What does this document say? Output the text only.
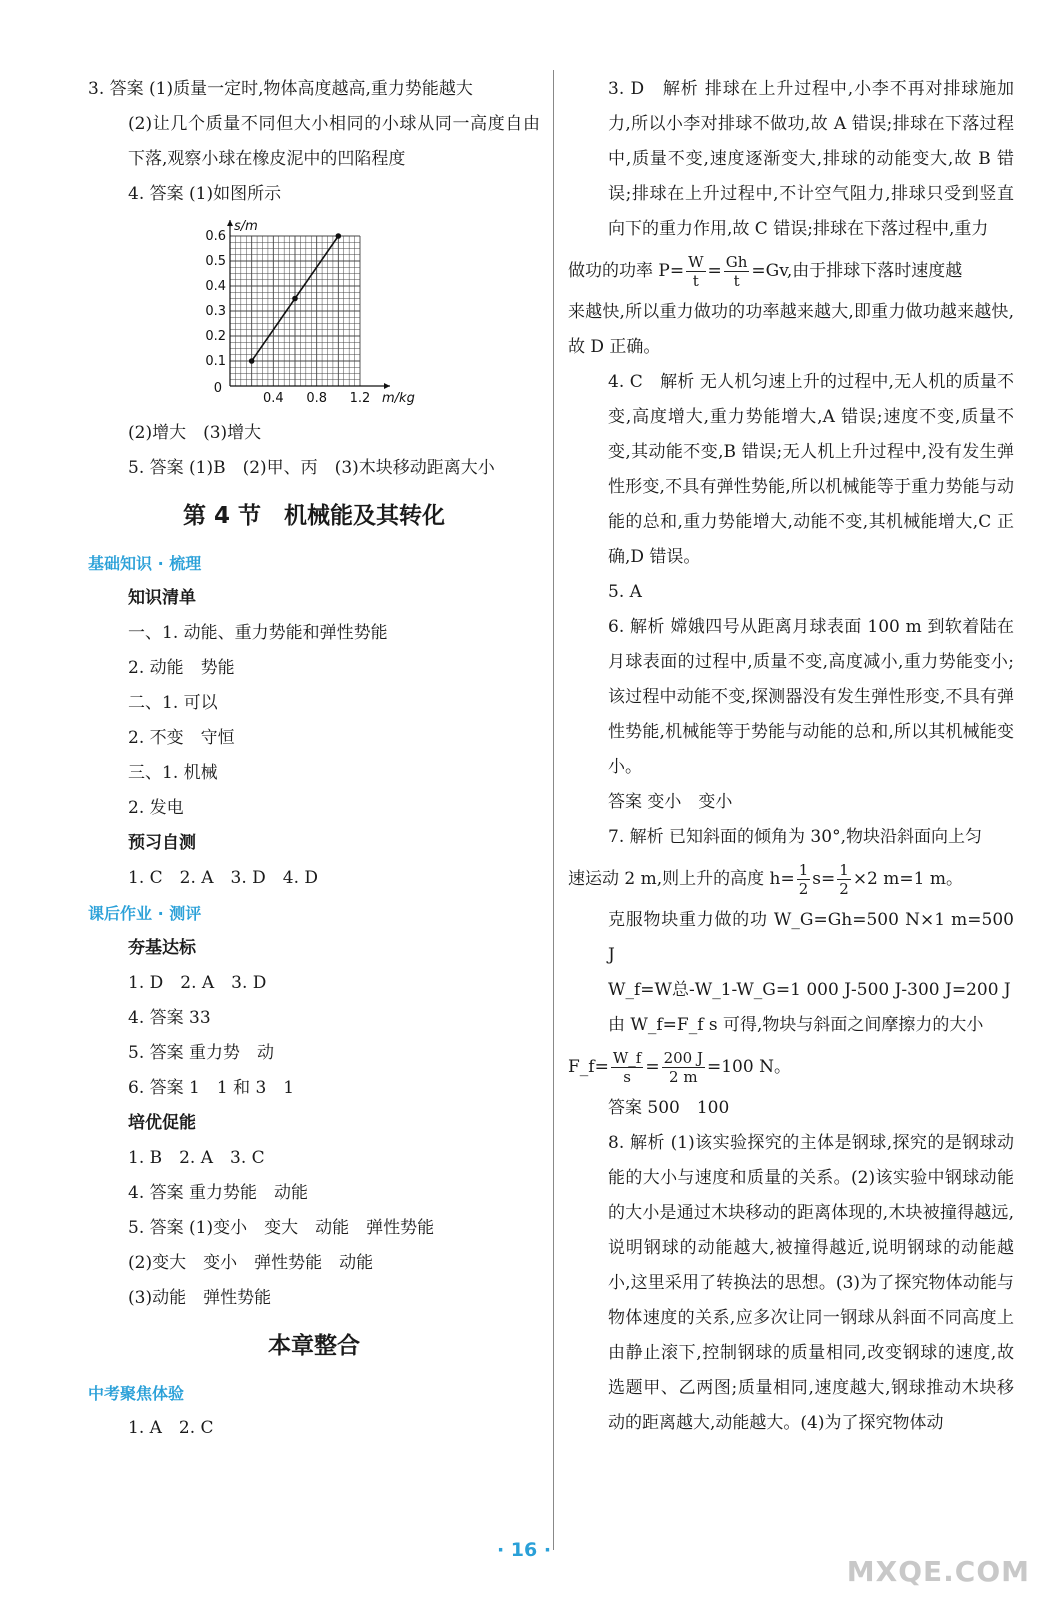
3. 答案 (1)质量一定时,物体高度越高,重力势能越大

(2)让几个质量不同但大小相同的小球从同一高度自由下落,观察小球在橡皮泥中的凹陷程度

4. 答案 (1)如图所示

0.1
0.2
0.3
0.4
0.5
0.6
0.4 0.8 1.2
0
s/m
m/kg

(2)增大　(3)增大

5. 答案 (1)B　(2)甲、丙　(3)木块移动距离大小

第 4 节　机械能及其转化

基础知识 · 梳理

知识清单

一、1. 动能、重力势能和弹性势能

2. 动能　势能

二、1. 可以

2. 不变　守恒

三、1. 机械

2. 发电

预习自测

1. C　2. A　3. D　4. D

课后作业 · 测评

夯基达标

1. D　2. A　3. D

4. 答案 33

5. 答案 重力势　动

6. 答案 1　1 和 3　1

培优促能

1. B　2. A　3. C

4. 答案 重力势能　动能

5. 答案 (1)变小　变大　动能　弹性势能

(2)变大　变小　弹性势能　动能

(3)动能　弹性势能

本章整合

中考聚焦体验

1. A　2. C

3. D　解析 排球在上升过程中,小李不再对排球施加力,所以小李对排球不做功,故 A 错误;排球在下落过程中,质量不变,速度逐渐变大,排球的动能变大,故 B 错误;排球在上升过程中,不计空气阻力,排球只受到竖直向下的重力作用,故 C 错误;排球在下落过程中,重力

做功的功率 $P= \frac{W}{t} = \frac{Gh}{t} =Gv$,由于排球下落时速度越

来越快,所以重力做功的功率越来越大,即重力做功越来越快,故 D 正确。

4. C　解析 无人机匀速上升的过程中,无人机的质量不变,高度增大,重力势能增大,A 错误;速度不变,质量不变,其动能不变,B 错误;无人机上升过程中,没有发生弹性形变,不具有弹性势能,所以机械能等于重力势能与动能的总和,重力势能增大,动能不变,其机械能增大,C 正确,D 错误。

5. A

6. 解析 嫦娥四号从距离月球表面 100 m 到软着陆在月球表面的过程中,质量不变,高度减小,重力势能变小;该过程中动能不变,探测器没有发生弹性形变,不具有弹性势能,机械能等于势能与动能的总和,所以其机械能变小。

答案 变小　变小

7. 解析 已知斜面的倾角为 30°,物块沿斜面向上匀

速运动 2 m,则上升的高度 $h= \frac{1}{2} s= \frac{1}{2} \times 2$ m=1 m。

克服物块重力做的功 W_G=Gh=500 N×1 m=500 J

W_f=W总-W_1-W_G=1 000 J-500 J-300 J=200 J

由 W_f=F_f s 可得,物块与斜面之间摩擦力的大小

F_f= $\frac{W\_f}{s} = \frac{200 J}{2 m} =100$ N。

答案 500　100

8. 解析 (1)该实验探究的主体是钢球,探究的是钢球动能的大小与速度和质量的关系。(2)该实验中钢球动能的大小是通过木块移动的距离体现的,木块被撞得越远,说明钢球的动能越大,被撞得越近,说明钢球的动能越小,这里采用了转换法的思想。(3)为了探究物体动能与物体速度的关系,应多次让同一钢球从斜面不同高度上由静止滚下,控制钢球的质量相同,改变钢球的速度,故选题甲、乙两图;质量相同,速度越大,钢球推动木块移动的距离越大,动能越大。(4)为了探究物体动

· 16 ·
MXQE.COM
